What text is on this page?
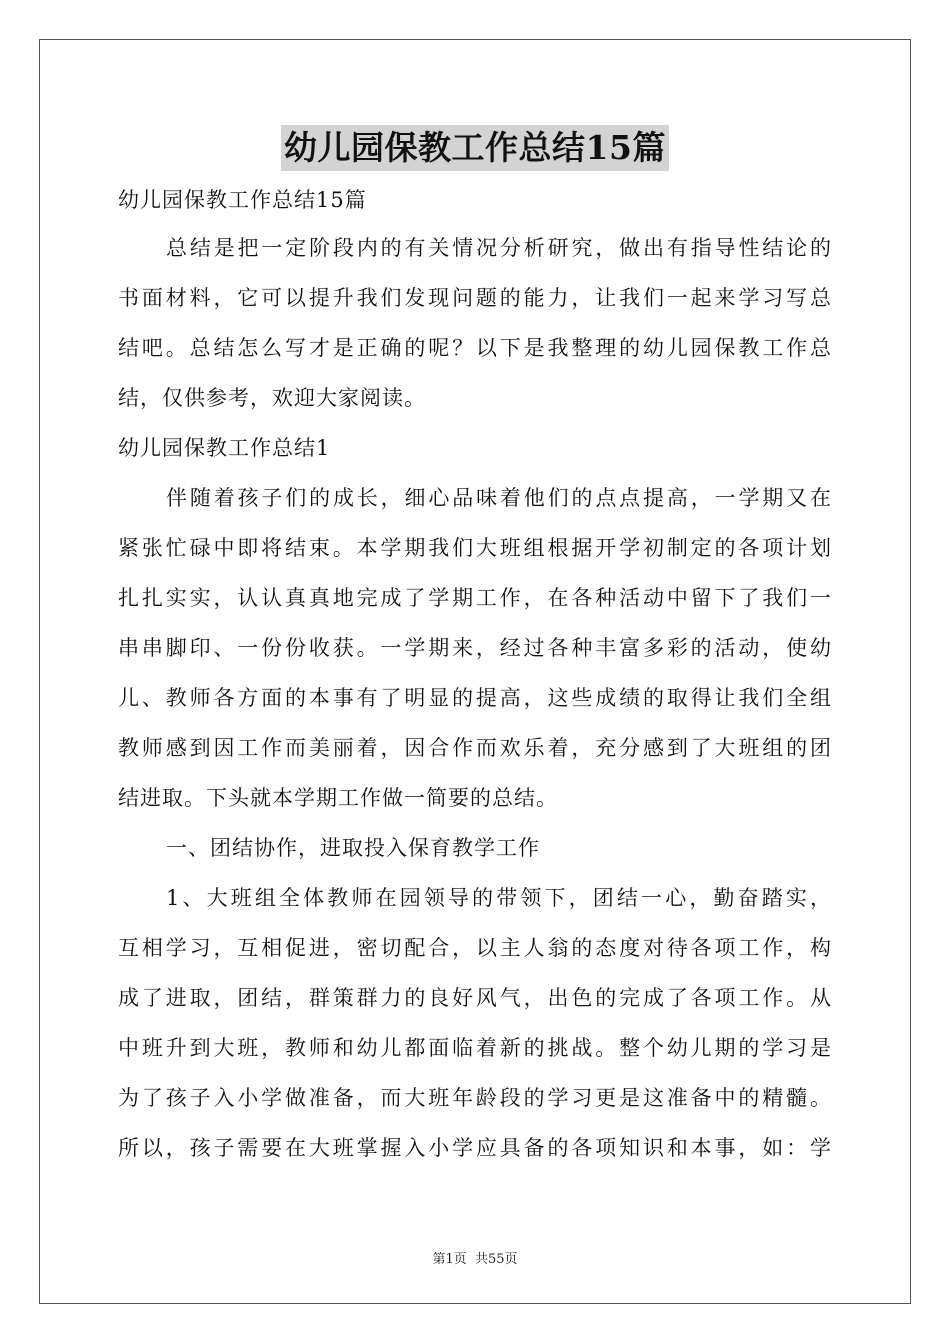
幼儿园保教工作总结15篇
幼儿园保教工作总结15篇
总结是把一定阶段内的有关情况分析研究，做出有指导性结论的
书面材料，它可以提升我们发现问题的能力，让我们一起来学习写总
结吧。总结怎么写才是正确的呢？以下是我整理的幼儿园保教工作总
结，仅供参考，欢迎大家阅读。
幼儿园保教工作总结1
伴随着孩子们的成长，细心品味着他们的点点提高，一学期又在
紧张忙碌中即将结束。本学期我们大班组根据开学初制定的各项计划
扎扎实实，认认真真地完成了学期工作，在各种活动中留下了我们一
串串脚印、一份份收获。一学期来，经过各种丰富多彩的活动，使幼
儿、教师各方面的本事有了明显的提高，这些成绩的取得让我们全组
教师感到因工作而美丽着，因合作而欢乐着，充分感到了大班组的团
结进取。下头就本学期工作做一简要的总结。
一、团结协作，进取投入保育教学工作
1、大班组全体教师在园领导的带领下，团结一心，勤奋踏实，
互相学习，互相促进，密切配合，以主人翁的态度对待各项工作，构
成了进取，团结，群策群力的良好风气，出色的完成了各项工作。从
中班升到大班，教师和幼儿都面临着新的挑战。整个幼儿期的学习是
为了孩子入小学做准备，而大班年龄段的学习更是这准备中的精髓。
所以，孩子需要在大班掌握入小学应具备的各项知识和本事，如：学
第1页 共55页
